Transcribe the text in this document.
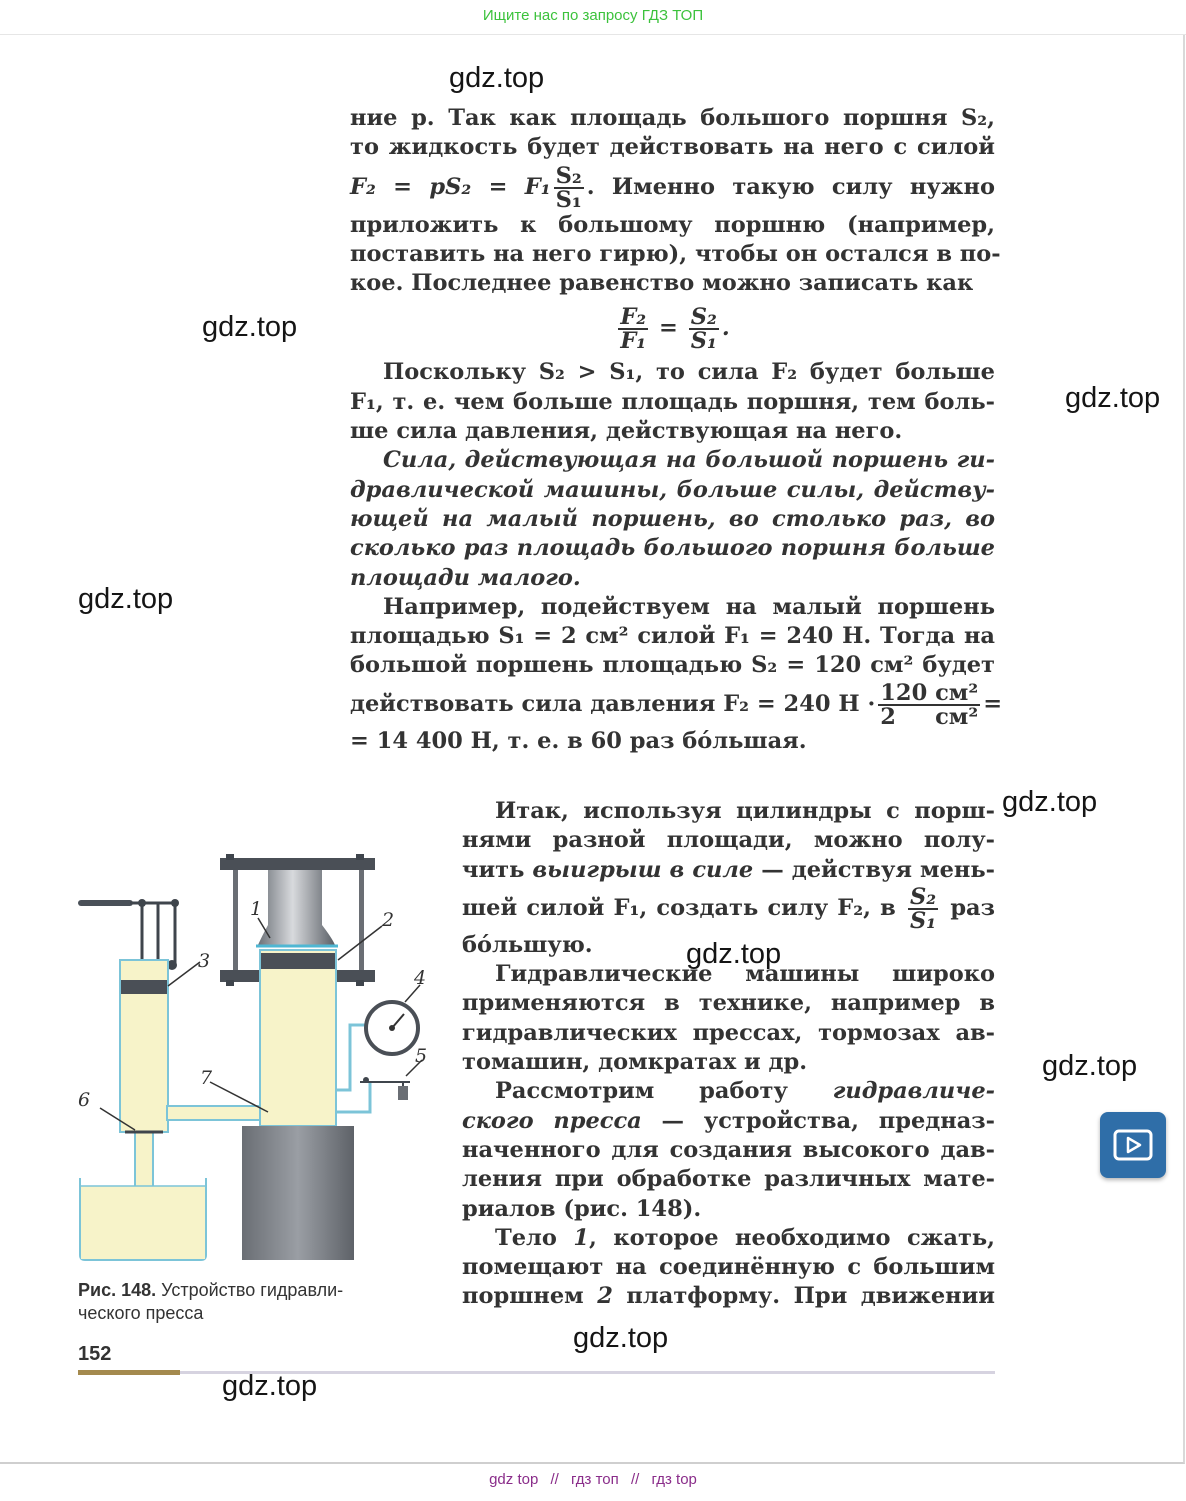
Ищите нас по запросу ГДЗ ТОП
ние p. Так как площадь большого поршня S₂,
то жидкость будет действовать на него с силой
$F_2 = pS_2 = F_1 \frac{\text{S₂}}{\text{S₁}}$ . Именно такую силу нужно
приложить к большому поршню (например,
поставить на него гирю), чтобы он остался в по-
кое. Последнее равенство можно записать как
$\frac{\text{F₂}}{\text{F₁}} = \frac{\text{S₂}}{\text{S₁}}$ .
Поскольку S₂ > S₁, то сила F₂ будет больше
F₁, т. е. чем больше площадь поршня, тем боль-
ше сила давления, действующая на него.
Сила, действующая на большой поршень ги-
дравлической машины, больше силы, действу-
ющей на малый поршень, во столько раз, во
сколько раз площадь большого поршня больше
площади малого.
Например, подействуем на малый поршень
площадью S₁ = 2 см² силой F₁ = 240 Н. Тогда на
большой поршень площадью S₂ = 120 см² будет
действовать сила давления F₂ = 240 $Н \cdot \frac{\text{120 см²}}{\text{2 см²}}$ =
= 14 400 Н, т. е. в 60 раз бóльшая.
Итак, используя цилиндры с порш-
нями разной площади, можно полу-
чить выигрыш в силе — действуя мень-
шей силой F₁, создать силу F₂, в $\frac{\text{S₂}}{\text{S₁}}$ раз
бóльшую.
Гидравлические машины широко
применяются в технике, например в
гидравлических прессах, тормозах ав-
томашин, домкратах и др.
Рассмотрим работу гидравличе-
ского пресса — устройства, предназ-
наченного для создания высокого дав-
ления при обработке различных мате-
риалов (рис. 148).
Тело 1, которое необходимо сжать,
помещают на соединённую с большим
поршнем 2 платформу. При движении
1	2
3
4
5
6
7
Рис. 148. Устройство гидравли-
ческого пресса
152
gdz.top
gdz.top
gdz.top
gdz.top
gdz.top
gdz.top
gdz.top
gdz.top
gdz.top
gdz top // гдз топ // гдз top
